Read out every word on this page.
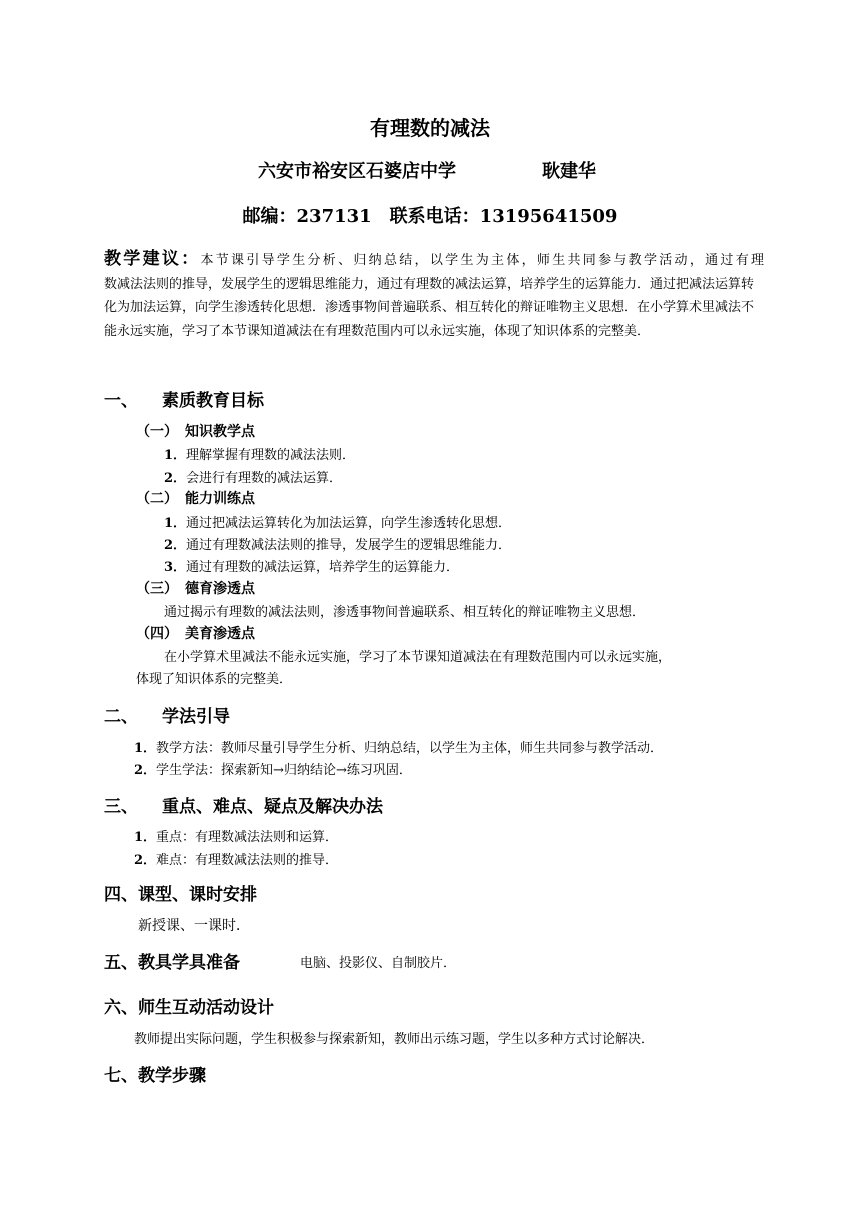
有理数的减法
六安市裕安区石婆店中学	耿建华
邮编：237131　联系电话：13195641509
教学建议：本节课引导学生分析、归纳总结，以学生为主体，师生共同参与教学活动，通过有理
数减法法则的推导，发展学生的逻辑思维能力，通过有理数的减法运算，培养学生的运算能力．通过把减法运算转化为加法运算，向学生渗透转化思想．渗透事物间普遍联系、相互转化的辩证唯物主义思想．在小学算术里减法不能永远实施，学习了本节课知道减法在有理数范围内可以永远实施，体现了知识体系的完整美．
一、 素质教育目标
（一）　知识教学点
1．理解掌握有理数的减法法则．
2．会进行有理数的减法运算．
（二）　能力训练点
1．通过把减法运算转化为加法运算，向学生渗透转化思想．
2．通过有理数减法法则的推导，发展学生的逻辑思维能力．
3．通过有理数的减法运算，培养学生的运算能力．
（三）　德育渗透点
通过揭示有理数的减法法则，渗透事物间普遍联系、相互转化的辩证唯物主义思想．
（四）　美育渗透点
在小学算术里减法不能永远实施，学习了本节课知道减法在有理数范围内可以永远实施，
体现了知识体系的完整美．
二、 学法引导
1．教学方法：教师尽量引导学生分析、归纳总结，以学生为主体，师生共同参与教学活动．
2．学生学法：探索新知→归纳结论→练习巩固．
三、 重点、难点、疑点及解决办法
1．重点：有理数减法法则和运算．
2．难点：有理数减法法则的推导．
四、课型、课时安排
新授课、一课时．
五、教具学具准备	电脑、投影仪、自制胶片．
六、师生互动活动设计
教师提出实际问题，学生积极参与探索新知，教师出示练习题，学生以多种方式讨论解决．
七、教学步骤
